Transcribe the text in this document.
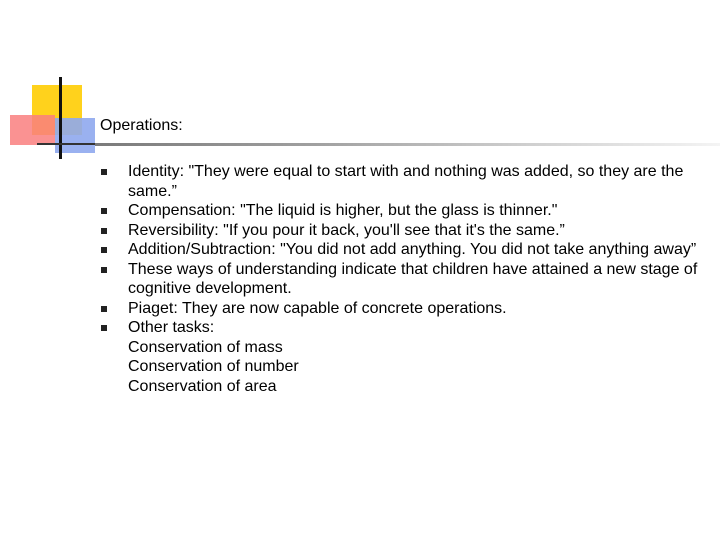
Operations:
Identity: "They were equal to start with and nothing was added, so they are the same.”
Compensation: "The liquid is higher, but the glass is thinner."
Reversibility: "If you pour it back, you'll see that it's the same.”
Addition/Subtraction: "You did not add anything. You did not take anything away”
These ways of understanding indicate that children have attained a new stage of cognitive development.
Piaget: They are now capable of concrete operations.
Other tasks:
Conservation of mass
Conservation of number
Conservation of area
